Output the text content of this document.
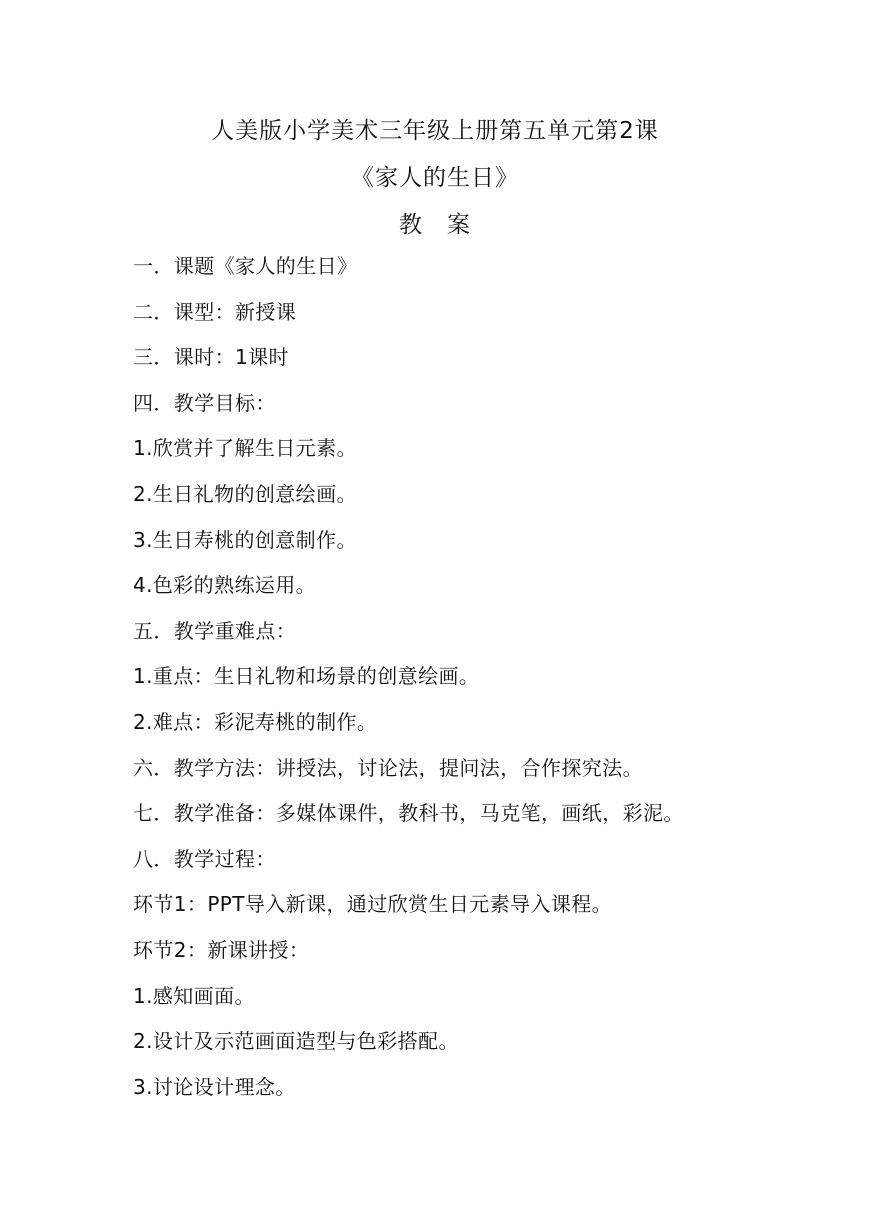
人美版小学美术三年级上册第五单元第2课
《家人的生日》
教　案
一．课题《家人的生日》
二．课型：新授课
三．课时：1课时
四．教学目标：
1.欣赏并了解生日元素。
2.生日礼物的创意绘画。
3.生日寿桃的创意制作。
4.色彩的熟练运用。
五．教学重难点：
1.重点：生日礼物和场景的创意绘画。
2.难点：彩泥寿桃的制作。
六．教学方法：讲授法，讨论法，提问法，合作探究法。
七．教学准备：多媒体课件，教科书，马克笔，画纸，彩泥。
八．教学过程：
环节1：PPT导入新课，通过欣赏生日元素导入课程。
环节2：新课讲授：
1.感知画面。
2.设计及示范画面造型与色彩搭配。
3.讨论设计理念。
